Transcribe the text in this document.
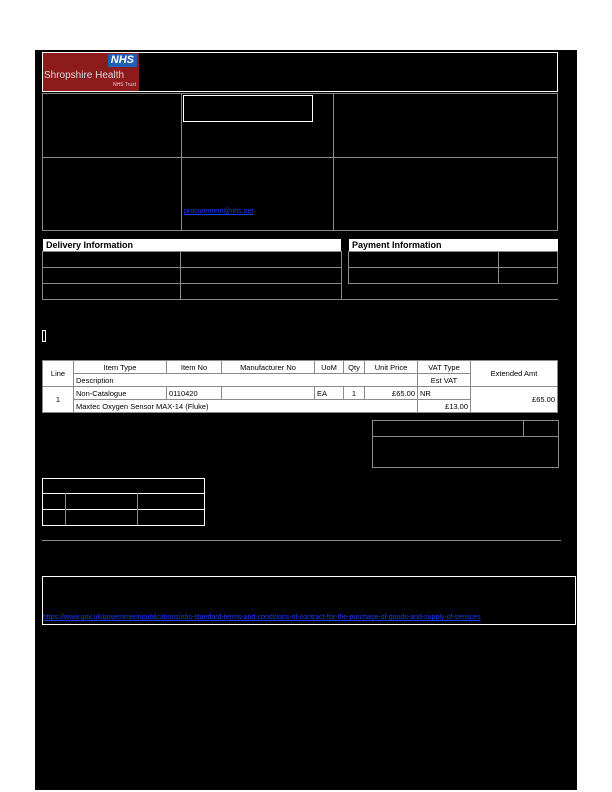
NHS
Shropshire Health
NHS Trust
procurement@nhs.net
Delivery Information	Payment Information
Line	Item Type	Item No	Manufacturer No	UoM	Qty	Unit Price	VAT Type	Extended Amt
	Description						Est VAT	
1	Non-Catalogue	0110420		EA	1	£65.00	NR	£65.00
	Maxtec Oxygen Sensor MAX-14 (Fluke)						£13.00	
https://www.gov.uk/government/publications/nhs-standard-terms-and-conditions-of-contract-for-the-purchase-of-goods-and-supply-of-services
